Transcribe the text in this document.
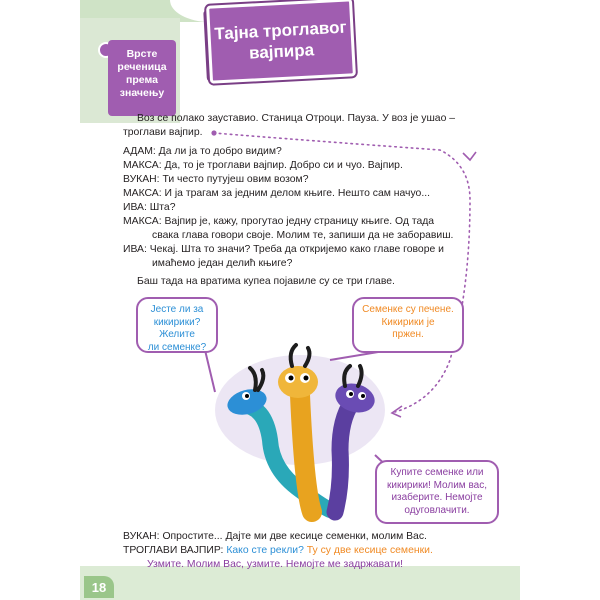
Тајна троглавог
вајпира
Врсте
реченица
према
значењу
Воз се полако зауставио. Станица Отроци. Пауза. У воз је ушао –
троглави вајпир.
АДАМ: Да ли ја то добро видим?
МАКСА: Да, то је троглави вајпир. Добро си и чуо. Вајпир.
ВУКАН: Ти често путујеш овим возом?
МАКСА: И ја трагам за једним делом књиге. Нешто сам начуо...
ИВА: Шта?
МАКСА: Вајпир је, кажу, прогутао једну страницу књиге. Од тада
свака глава говори своје. Молим те, запиши да не заборавиш.
ИВА: Чекај. Шта то значи? Треба да откријемо како главе говоре и
имаћемо један делић књиге?
Баш тада на вратима купеа појавиле су се три главе.
Јесте ли за
кикирики? Желите
ли семенке?
Семенке су печене.
Кикирики је
пржен.
Купите семенке или
кикирики! Молим вас,
изаберите. Немојте
одуговлачити.
ВУКАН: Опростите... Дајте ми две кесице семенки, молим Вас.
ТРОГЛАВИ ВАЈПИР: Како сте рекли? Ту су две кесице семенки.
Узмите. Молим Вас, узмите. Немојте ме задржавати!
18
